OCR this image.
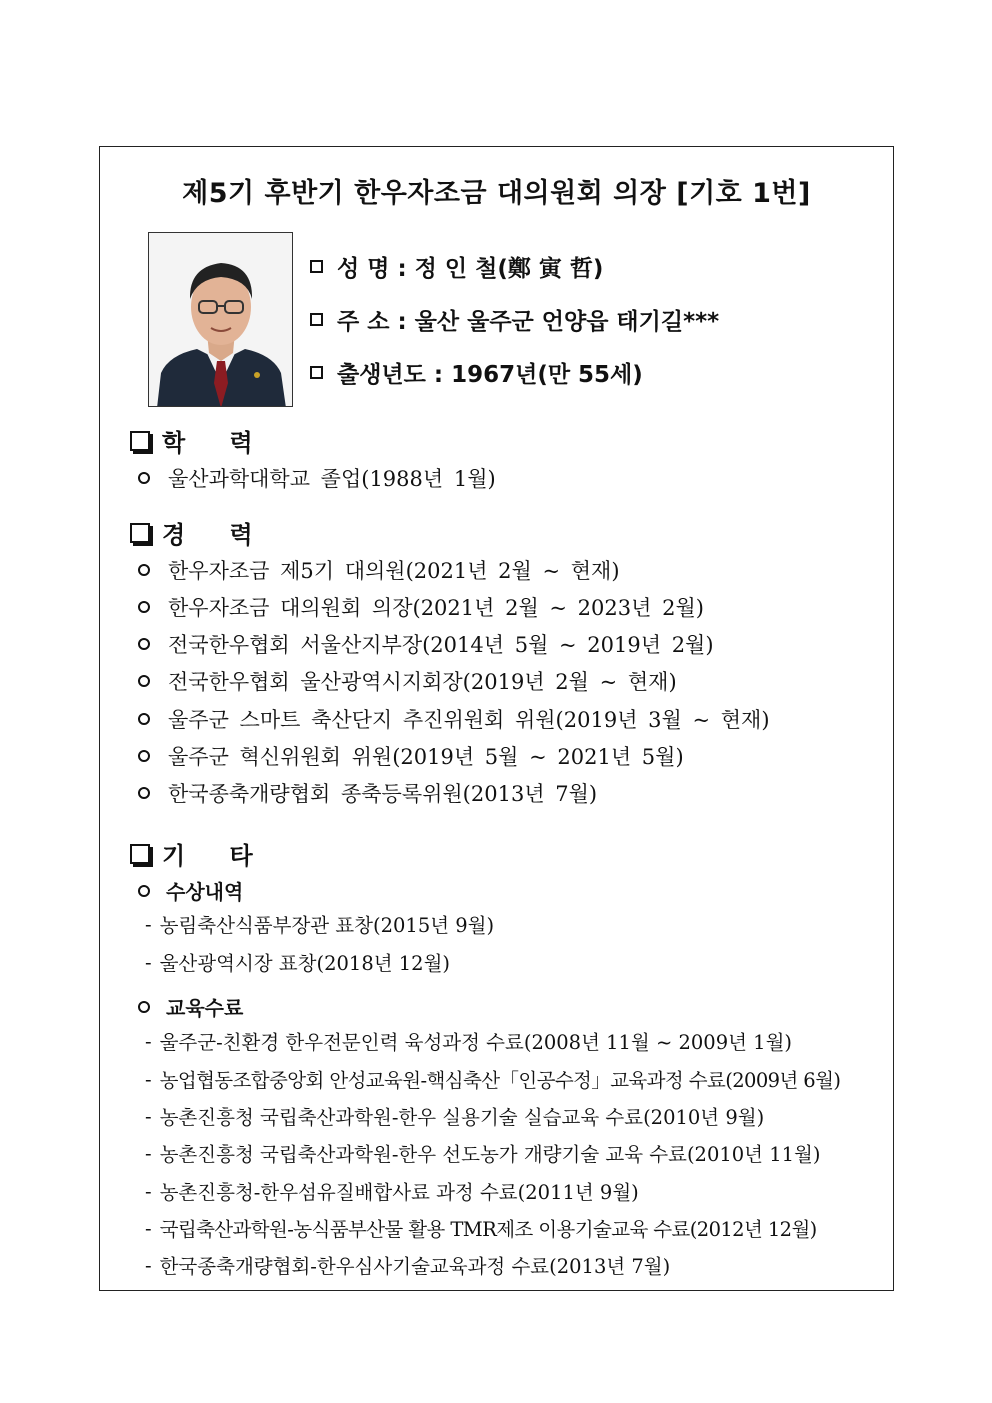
제5기 후반기 한우자조금 대의원회 의장 [기호 1번]
성 명 : 정 인 철(鄭 寅 哲)
주 소 : 울산 울주군 언양읍 태기길***
출생년도 : 1967년(만 55세)
학 력
울산과학대학교 졸업(1988년 1월)
경 력
한우자조금 제5기 대의원(2021년 2월 ~ 현재)
한우자조금 대의원회 의장(2021년 2월 ~ 2023년 2월)
전국한우협회 서울산지부장(2014년 5월 ~ 2019년 2월)
전국한우협회 울산광역시지회장(2019년 2월 ~ 현재)
울주군 스마트 축산단지 추진위원회 위원(2019년 3월 ~ 현재)
울주군 혁신위원회 위원(2019년 5월 ~ 2021년 5월)
한국종축개량협회 종축등록위원(2013년 7월)
기 타
수상내역
- 농림축산식품부장관 표창(2015년 9월)
- 울산광역시장 표창(2018년 12월)
교육수료
- 울주군-친환경 한우전문인력 육성과정 수료(2008년 11월 ~ 2009년 1월)
- 농업협동조합중앙회 안성교육원-핵심축산「인공수정」교육과정 수료(2009년 6월)
- 농촌진흥청 국립축산과학원-한우 실용기술 실습교육 수료(2010년 9월)
- 농촌진흥청 국립축산과학원-한우 선도농가 개량기술 교육 수료(2010년 11월)
- 농촌진흥청-한우섬유질배합사료 과정 수료(2011년 9월)
- 국립축산과학원-농식품부산물 활용 TMR제조 이용기술교육 수료(2012년 12월)
- 한국종축개량협회-한우심사기술교육과정 수료(2013년 7월)
